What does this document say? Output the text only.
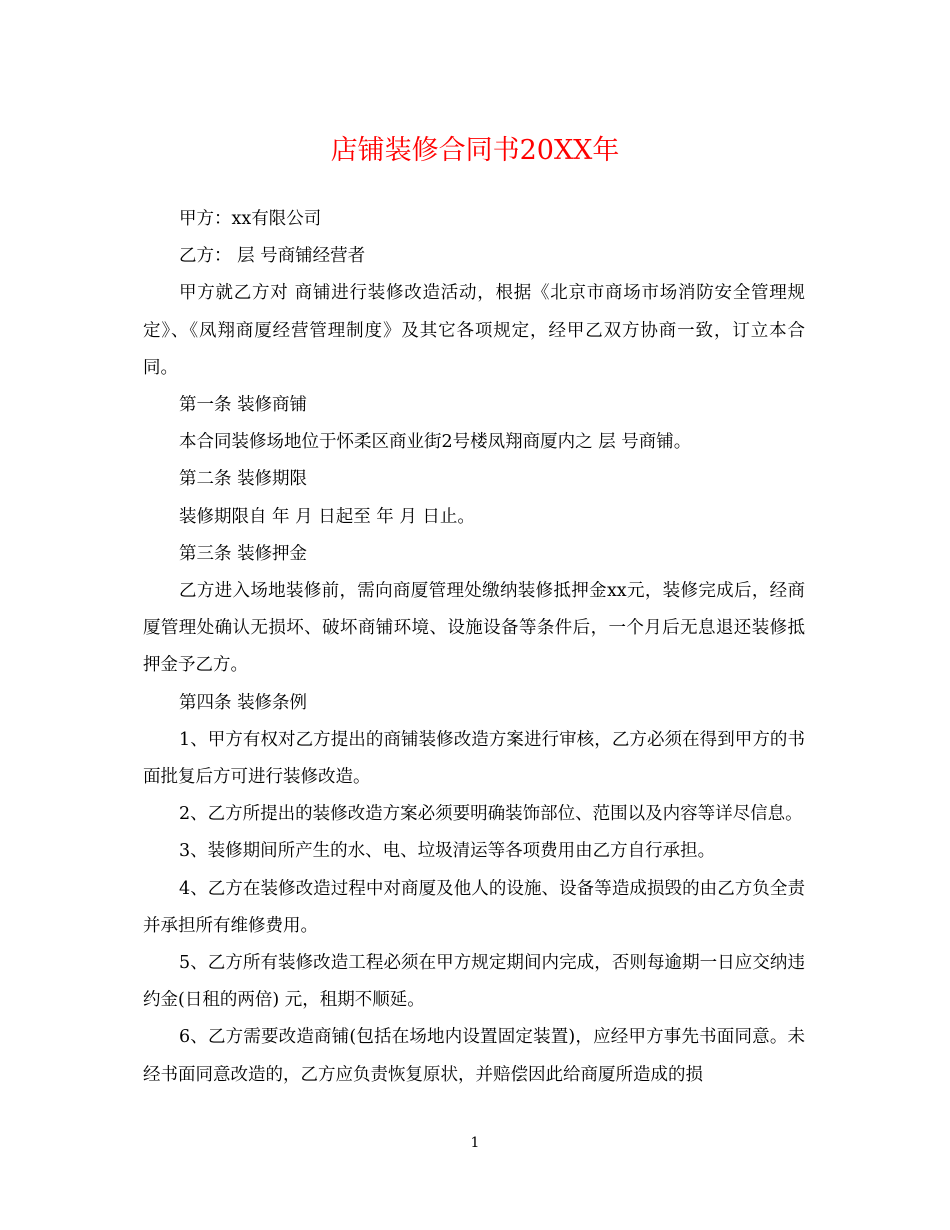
店铺装修合同书20XX年

甲方：xx有限公司

乙方： 层 号商铺经营者

甲方就乙方对 商铺进行装修改造活动，根据《北京市商场市场消防安全管理规定》、《凤翔商厦经营管理制度》及其它各项规定，经甲乙双方协商一致，订立本合同。

第一条 装修商铺

本合同装修场地位于怀柔区商业街2号楼凤翔商厦内之 层 号商铺。

第二条 装修期限

装修期限自 年 月 日起至 年 月 日止。

第三条 装修押金

乙方进入场地装修前，需向商厦管理处缴纳装修抵押金xx元，装修完成后，经商厦管理处确认无损坏、破坏商铺环境、设施设备等条件后，一个月后无息退还装修抵押金予乙方。

第四条 装修条例

1、甲方有权对乙方提出的商铺装修改造方案进行审核，乙方必须在得到甲方的书面批复后方可进行装修改造。

2、乙方所提出的装修改造方案必须要明确装饰部位、范围以及内容等详尽信息。

3、装修期间所产生的水、电、垃圾清运等各项费用由乙方自行承担。

4、乙方在装修改造过程中对商厦及他人的设施、设备等造成损毁的由乙方负全责并承担所有维修费用。

5、乙方所有装修改造工程必须在甲方规定期间内完成，否则每逾期一日应交纳违约金(日租的两倍) 元，租期不顺延。

6、乙方需要改造商铺(包括在场地内设置固定装置)，应经甲方事先书面同意。未经书面同意改造的，乙方应负责恢复原状，并赔偿因此给商厦所造成的损

1
